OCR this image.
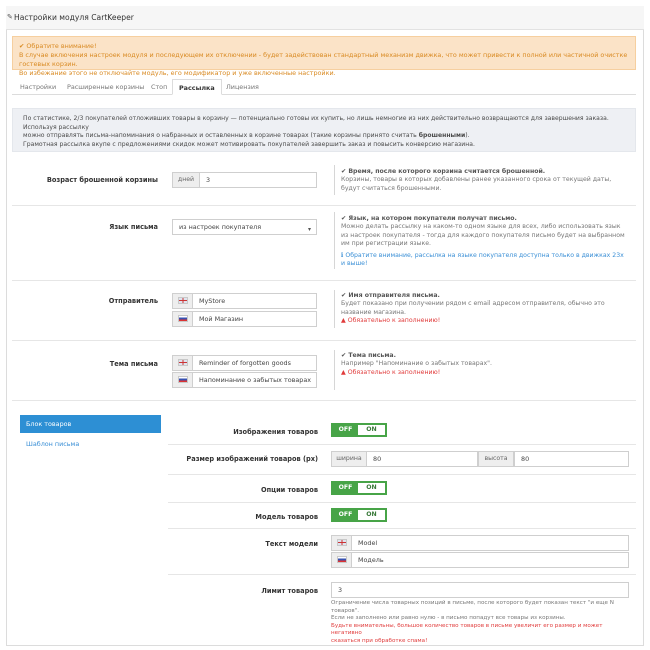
✎ Настройки модуля CartKeeper
✔ Обратите внимание!
В случае включения настроек модуля и последующем их отключении - будет задействован стандартный механизм движка, что может привести к полной или частичной очистке гостевых корзин.
Во избежание этого не отключайте модуль, его модификатор и уже включенные настройки.
Настройки Расширенные корзины Стоп	Рассылка	Лицензия
По статистике, 2/3 покупателей отложивших товары в корзину — потенциально готовы их купить, но лишь немногие из них действительно возвращаются для завершения заказа. Используя рассылку
можно отправлять письма-напоминания о набранных и оставленных в корзине товарах (такие корзины принято считать брошенными).
Грамотная рассылка вкупе с предложениями скидок может мотивировать покупателей завершить заказ и повысить конверсию магазина.
Возраст брошенной корзины	дней	3
✔ Время, после которого корзина считается брошенной.
Корзины, товары в которых добавлены ранее указанного срока от текущей даты, будут считаться брошенными.
Язык письма	из настроек покупателя	▾
✔ Язык, на котором покупатели получат письмо.
Можно делать рассылку на каком-то одном языке для всех, либо использовать язык из настроек покупателя - тогда для каждого покупателя письмо будет на выбранном им при регистрации языке.
ℹ Обратите внимание, рассылка на языке покупателя доступна только в движках 23х и выше!
Отправитель	MyStore
Мой Магазин
✔ Имя отправителя письма.
Будет показано при получении рядом с email адресом отправителя, обычно это название магазина.
▲ Обязательно к заполнению!
Тема письма	Reminder of forgotten goods
Напоминание о забытых товарах
✔ Тема письма.
Например "Напоминание о забытых товарах".
▲ Обязательно к заполнению!
Блок товаров
Шаблон письма
Изображения товаров	OFF	ON
Размер изображений товаров (px)	ширина	80	высота	80
Опции товаров	OFF	ON
Модель товаров	OFF	ON
Текст модели	Model
Модель
Лимит товаров	3
Ограничение числа товарных позиций в письме, после которого будет показан текст "и еще N товаров".
Если не заполнено или равно нулю - в письмо попадут все товары из корзины.
Будьте внимательны, большое количество товаров в письме увеличит его размер и может негативно
сказаться при обработке спама!
